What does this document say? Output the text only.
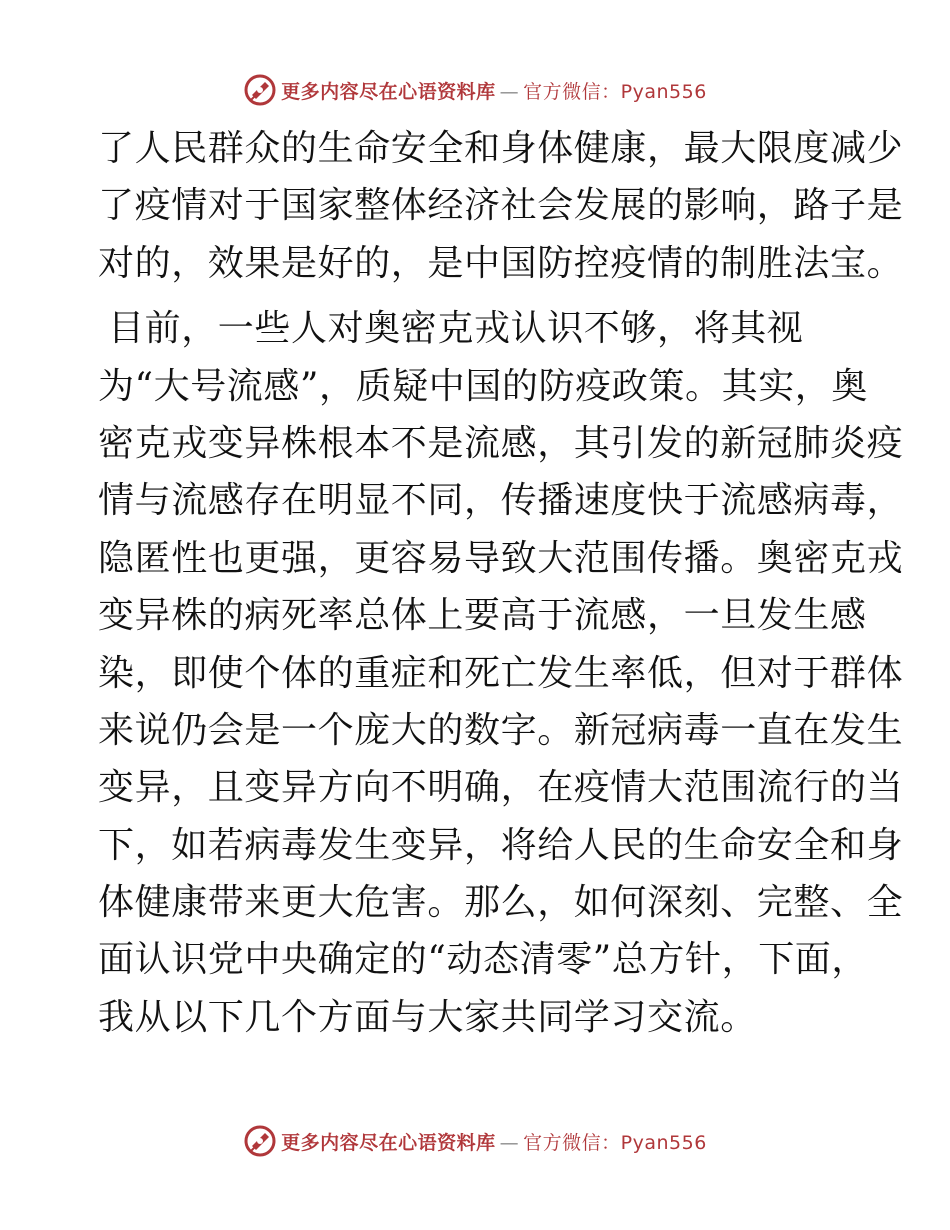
更多内容尽在心语资料库 — 官方微信：Pyan556
了人民群众的生命安全和身体健康，最大限度减少
了疫情对于国家整体经济社会发展的影响，路子是
对的，效果是好的，是中国防控疫情的制胜法宝。
目前，一些人对奥密克戎认识不够，将其视
为“大号流感”，质疑中国的防疫政策。其实，奥
密克戎变异株根本不是流感，其引发的新冠肺炎疫
情与流感存在明显不同，传播速度快于流感病毒，
隐匿性也更强，更容易导致大范围传播。奥密克戎
变异株的病死率总体上要高于流感，一旦发生感
染，即使个体的重症和死亡发生率低，但对于群体
来说仍会是一个庞大的数字。新冠病毒一直在发生
变异，且变异方向不明确，在疫情大范围流行的当
下，如若病毒发生变异，将给人民的生命安全和身
体健康带来更大危害。那么，如何深刻、完整、全
面认识党中央确定的“动态清零”总方针，下面，
我从以下几个方面与大家共同学习交流。
更多内容尽在心语资料库 — 官方微信：Pyan556
